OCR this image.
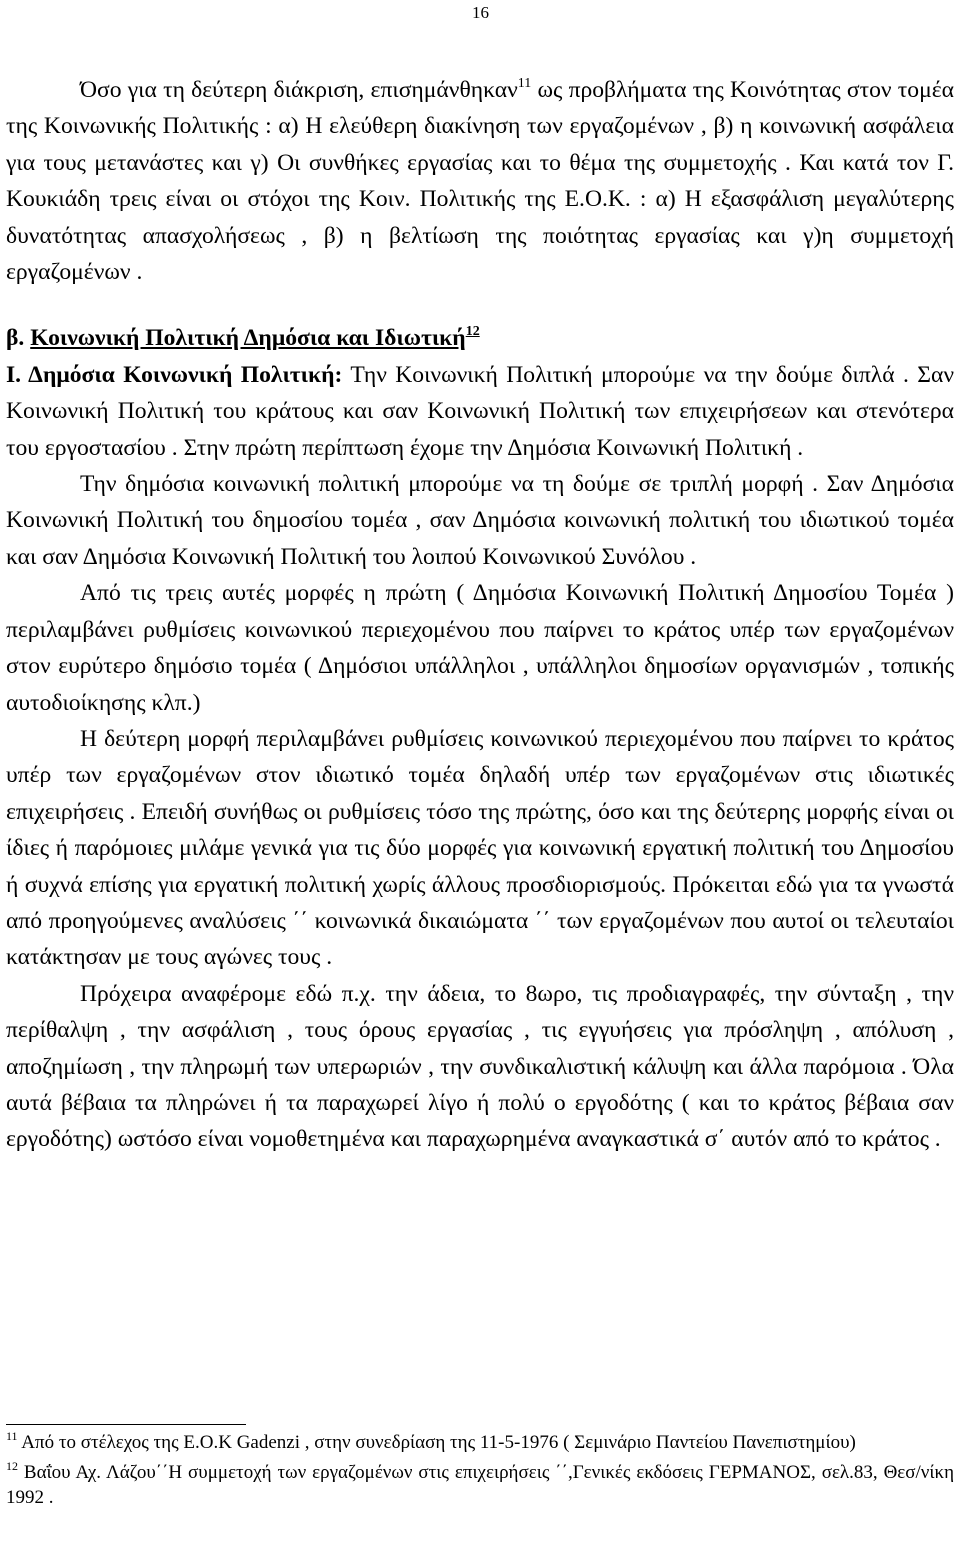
16

Όσο για τη δεύτερη διάκριση, επισημάνθηκαν$^{11}$ ως προβλήματα της Κοινότητας στον τομέα της Κοινωνικής Πολιτικής : α) Η ελεύθερη διακίνηση των εργαζομένων , β) η κοινωνική ασφάλεια για τους μετανάστες και γ) Οι συνθήκες εργασίας και το θέμα της συμμετοχής . Και κατά τον Γ. Κουκιάδη τρεις είναι οι στόχοι της Κοιν. Πολιτικής της Ε.Ο.Κ. : α) Η εξασφάλιση μεγαλύτερης δυνατότητας απασχολήσεως , β) η βελτίωση της ποιότητας εργασίας και γ)η συμμετοχή εργαζομένων .

β. Κοινωνική Πολιτική Δημόσια και Ιδιωτική$^{12}$

Ι. Δημόσια Κοινωνική Πολιτική: Την Κοινωνική Πολιτική μπορούμε να την δούμε διπλά . Σαν Κοινωνική Πολιτική του κράτους και σαν Κοινωνική Πολιτική των επιχειρήσεων και στενότερα του εργοστασίου . Στην πρώτη περίπτωση έχομε την Δημόσια Κοινωνική Πολιτική .

Την δημόσια κοινωνική πολιτική μπορούμε να τη δούμε σε τριπλή μορφή . Σαν Δημόσια Κοινωνική Πολιτική του δημοσίου τομέα , σαν Δημόσια κοινωνική πολιτική του ιδιωτικού τομέα και σαν Δημόσια Κοινωνική Πολιτική του λοιπού Κοινωνικού Συνόλου .

Από τις τρεις αυτές μορφές η πρώτη ( Δημόσια Κοινωνική Πολιτική Δημοσίου Τομέα ) περιλαμβάνει ρυθμίσεις κοινωνικού περιεχομένου που παίρνει το κράτος υπέρ των εργαζομένων στον ευρύτερο δημόσιο τομέα ( Δημόσιοι υπάλληλοι , υπάλληλοι δημοσίων οργανισμών , τοπικής αυτοδιοίκησης κλπ.)

Η δεύτερη μορφή περιλαμβάνει ρυθμίσεις κοινωνικού περιεχομένου που παίρνει το κράτος υπέρ των εργαζομένων στον ιδιωτικό τομέα δηλαδή υπέρ των εργαζομένων στις ιδιωτικές επιχειρήσεις . Επειδή συνήθως οι ρυθμίσεις τόσο της πρώτης, όσο και της δεύτερης μορφής είναι οι ίδιες ή παρόμοιες μιλάμε γενικά για τις δύο μορφές για κοινωνική εργατική πολιτική του Δημοσίου ή συχνά επίσης για εργατική πολιτική χωρίς άλλους προσδιορισμούς. Πρόκειται εδώ για τα γνωστά από προηγούμενες αναλύσεις ΄΄ κοινωνικά δικαιώματα ΄΄ των εργαζομένων που αυτοί οι τελευταίοι κατάκτησαν με τους αγώνες τους .

Πρόχειρα αναφέρομε εδώ π.χ. την άδεια, το 8ωρο, τις προδιαγραφές, την σύνταξη , την περίθαλψη , την ασφάλιση , τους όρους εργασίας , τις εγγυήσεις για πρόσληψη , απόλυση , αποζημίωση , την πληρωμή των υπερωριών , την συνδικαλιστική κάλυψη και άλλα παρόμοια . Όλα αυτά βέβαια τα πληρώνει ή τα παραχωρεί λίγο ή πολύ ο εργοδότης ( και το κράτος βέβαια σαν εργοδότης) ωστόσο είναι νομοθετημένα και παραχωρημένα αναγκαστικά σ΄ αυτόν από το κράτος .

$^{11}$ Από το στέλεχος της Ε.Ο.Κ Gadenzi , στην συνεδρίαση της 11-5-1976 ( Σεμινάριο Παντείου Πανεπιστημίου)

$^{12}$ Βαΐου Αχ. Λάζου΄΄Η συμμετοχή των εργαζομένων στις επιχειρήσεις ΄΄,Γενικές εκδόσεις ΓΕΡΜΑΝΟΣ, σελ.83, Θεσ/νίκη 1992 .
